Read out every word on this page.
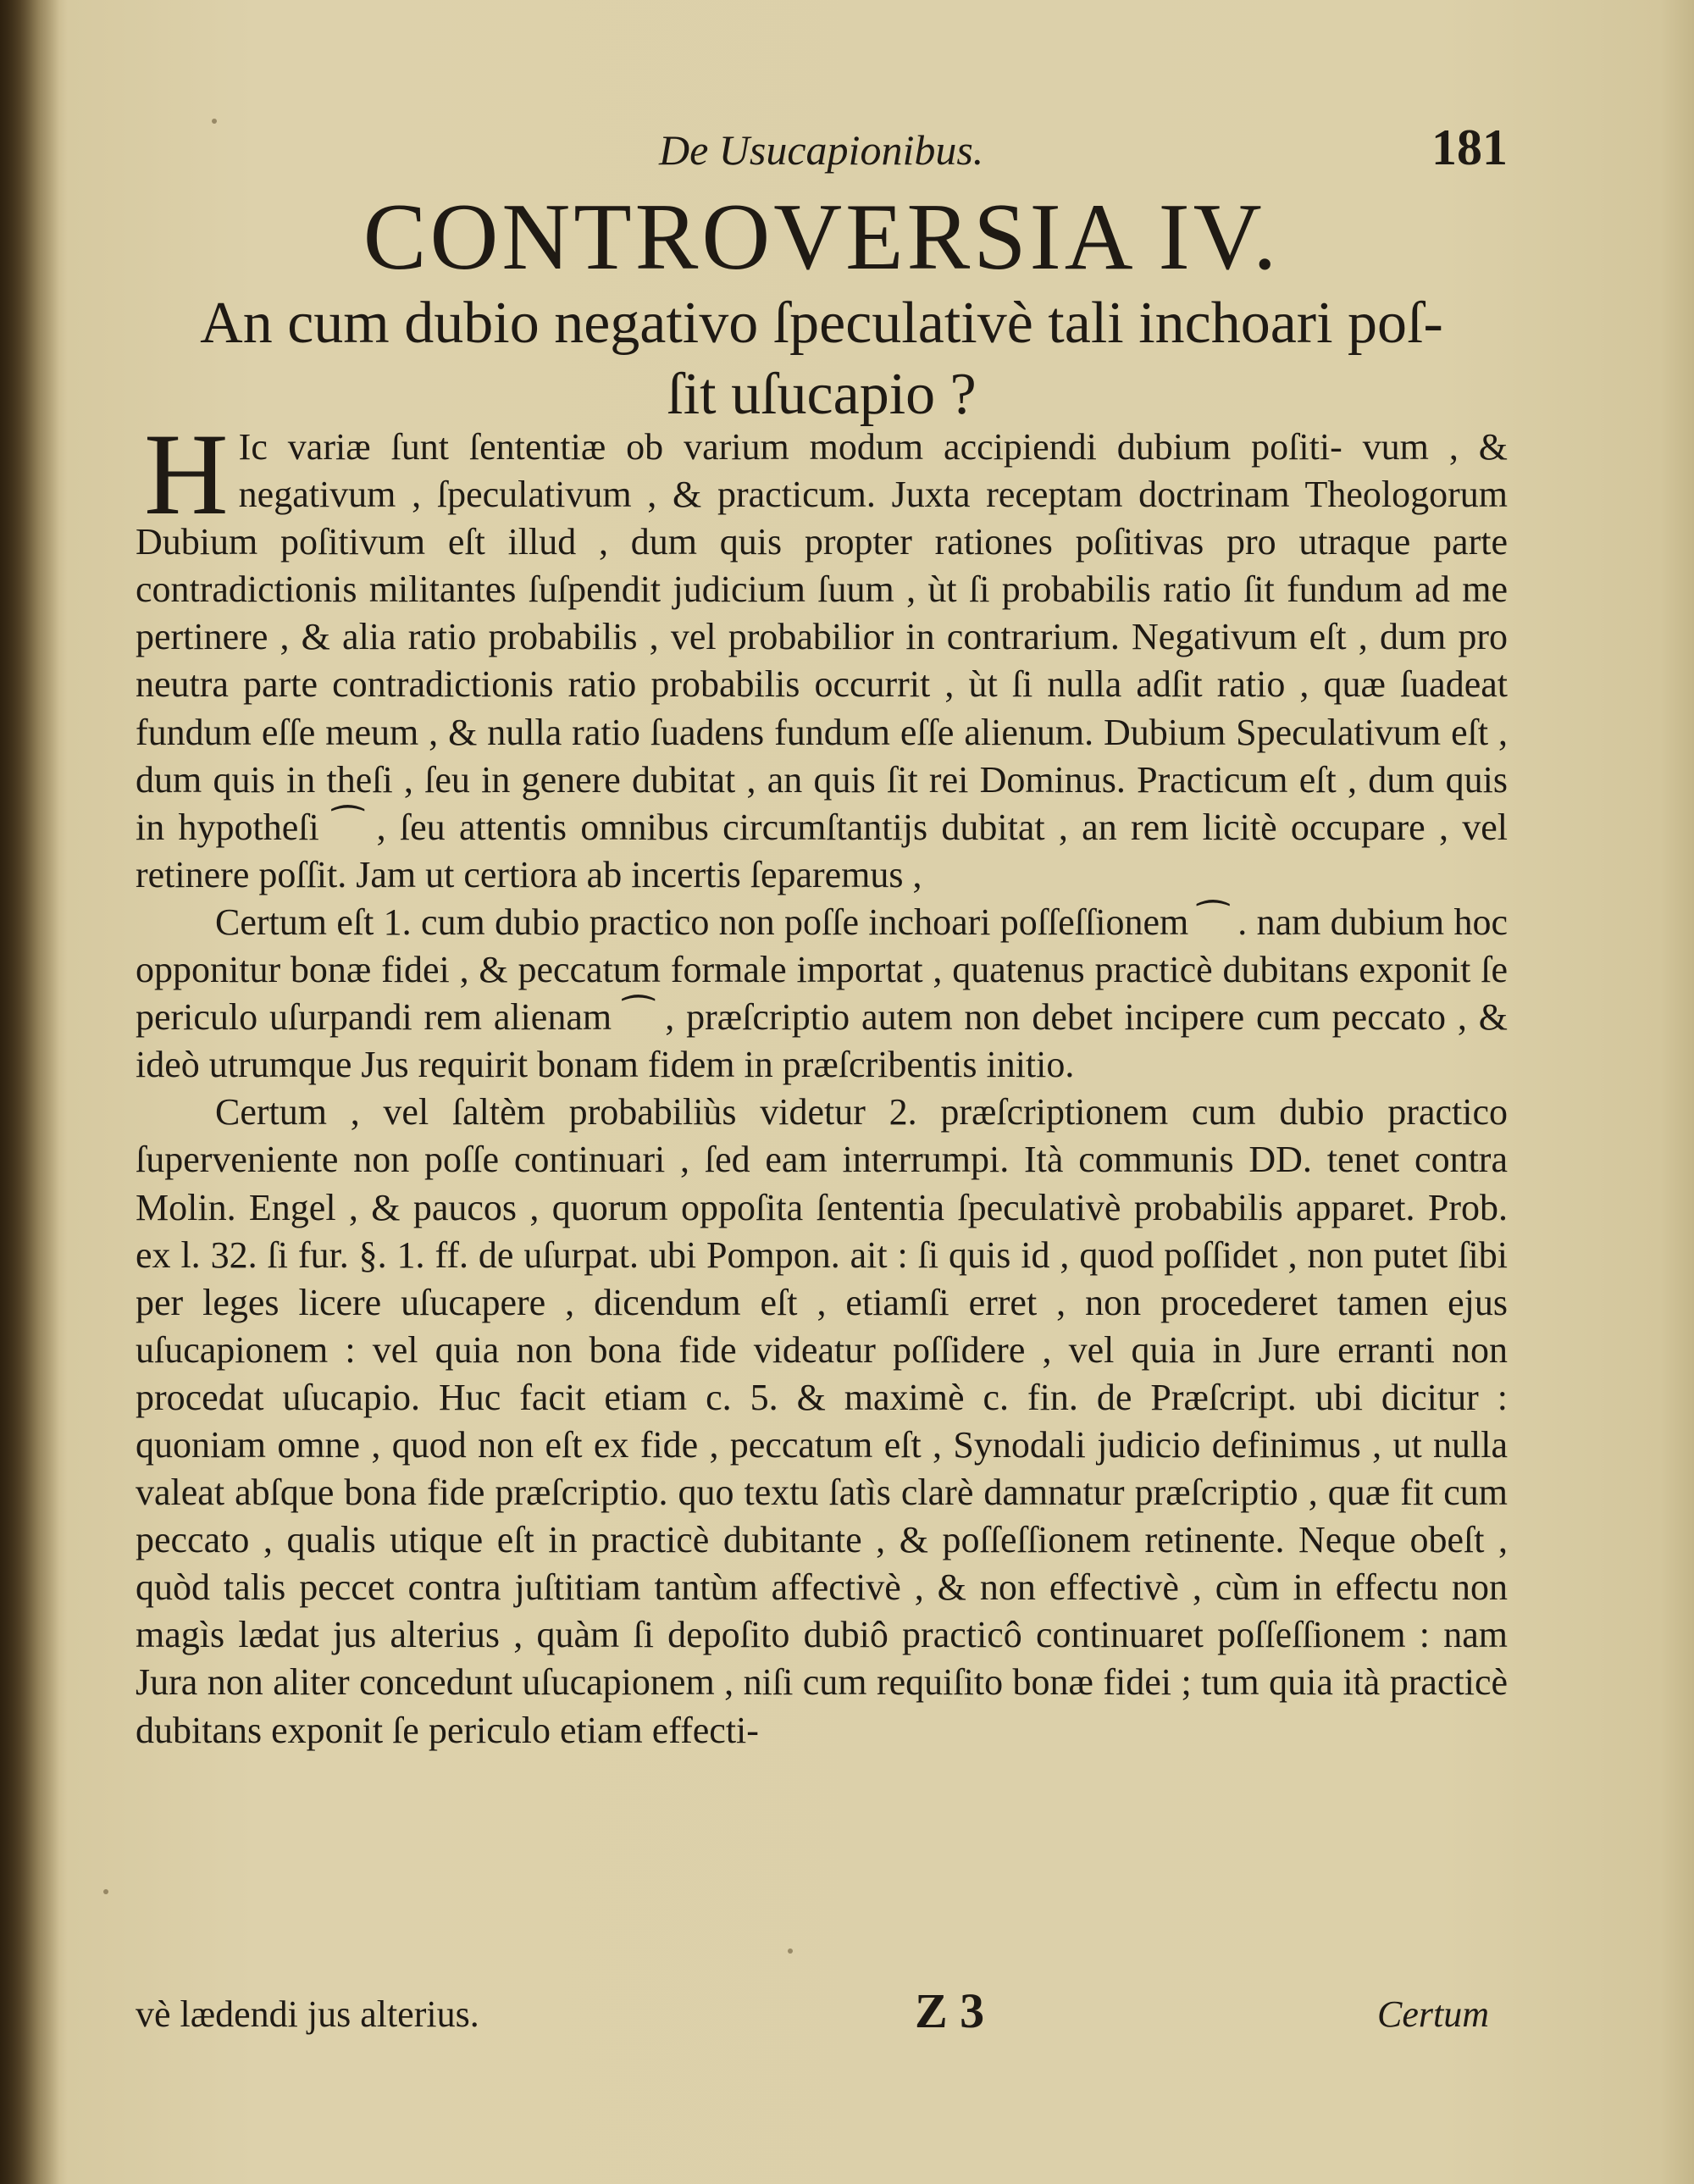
De Usucapionibus.	181
CONTROVERSIA IV.
An cum dubio negativo ſpeculativè tali inchoari poſ-
ſit uſucapio ?

H Ic variæ ſunt ſententiæ ob varium modum accipiendi dubium poſiti- vum , & negativum , ſpeculativum , & practicum. Juxta receptam doctrinam Theologorum Dubium poſitivum eſt illud , dum quis propter rationes poſitivas pro utraque parte contradictionis militantes ſuſpendit judicium ſuum , ùt ſi probabilis ratio ſit fundum ad me pertinere , & alia ratio probabilis , vel probabilior in contrarium. Negativum eſt , dum pro neutra parte contradictionis ratio probabilis occurrit , ùt ſi nulla adſit ratio , quæ ſuadeat fundum eſſe meum , & nulla ratio ſuadens fundum eſſe alienum. Dubium Speculativum eſt , dum quis in theſi , ſeu in genere dubitat , an quis ſit rei Dominus. Practicum eſt , dum quis in hypotheſi ⁀ , ſeu attentis omnibus circumſtantijs dubitat , an rem licitè occupare , vel retinere poſſit. Jam ut certiora ab incertis ſeparemus ,

Certum eſt 1. cum dubio practico non poſſe inchoari poſſeſſionem ⁀ . nam dubium hoc opponitur bonæ fidei , & peccatum formale importat , quatenus practicè dubitans exponit ſe periculo uſurpandi rem alienam ⁀ , præſcriptio autem non debet incipere cum peccato , & ideò utrumque Jus requirit bonam fidem in præſcribentis initio.

Certum , vel ſaltèm probabiliùs videtur 2. præſcriptionem cum dubio practico ſuperveniente non poſſe continuari , ſed eam interrumpi. Ità communis DD. tenet contra Molin. Engel , & paucos , quorum oppoſita ſententia ſpeculativè probabilis apparet. Prob. ex l. 32. ſi fur. §. 1. ff. de uſurpat. ubi Pompon. ait : ſi quis id , quod poſſidet , non putet ſibi per leges licere uſucapere , dicendum eſt , etiamſi erret , non procederet tamen ejus uſucapionem : vel quia non bona fide videatur poſſidere , vel quia in Jure erranti non procedat uſucapio. Huc facit etiam c. 5. & maximè c. fin. de Præſcript. ubi dicitur : quoniam omne , quod non eſt ex fide , peccatum eſt , Synodali judicio definimus , ut nulla valeat abſque bona fide præſcriptio. quo textu ſatìs clarè damnatur præſcriptio , quæ fit cum peccato , qualis utique eſt in practicè dubitante , & poſſeſſionem retinente. Neque obeſt , quòd talis peccet contra juſtitiam tantùm affectivè , & non effectivè , cùm in effectu non magìs lædat jus alterius , quàm ſi depoſito dubiô practicô continuaret poſſeſſionem : nam Jura non aliter concedunt uſucapionem , niſi cum requiſito bonæ fidei ; tum quia ità practicè dubitans exponit ſe periculo etiam effecti-

vè lædendi jus alterius.	Z 3	Certum
